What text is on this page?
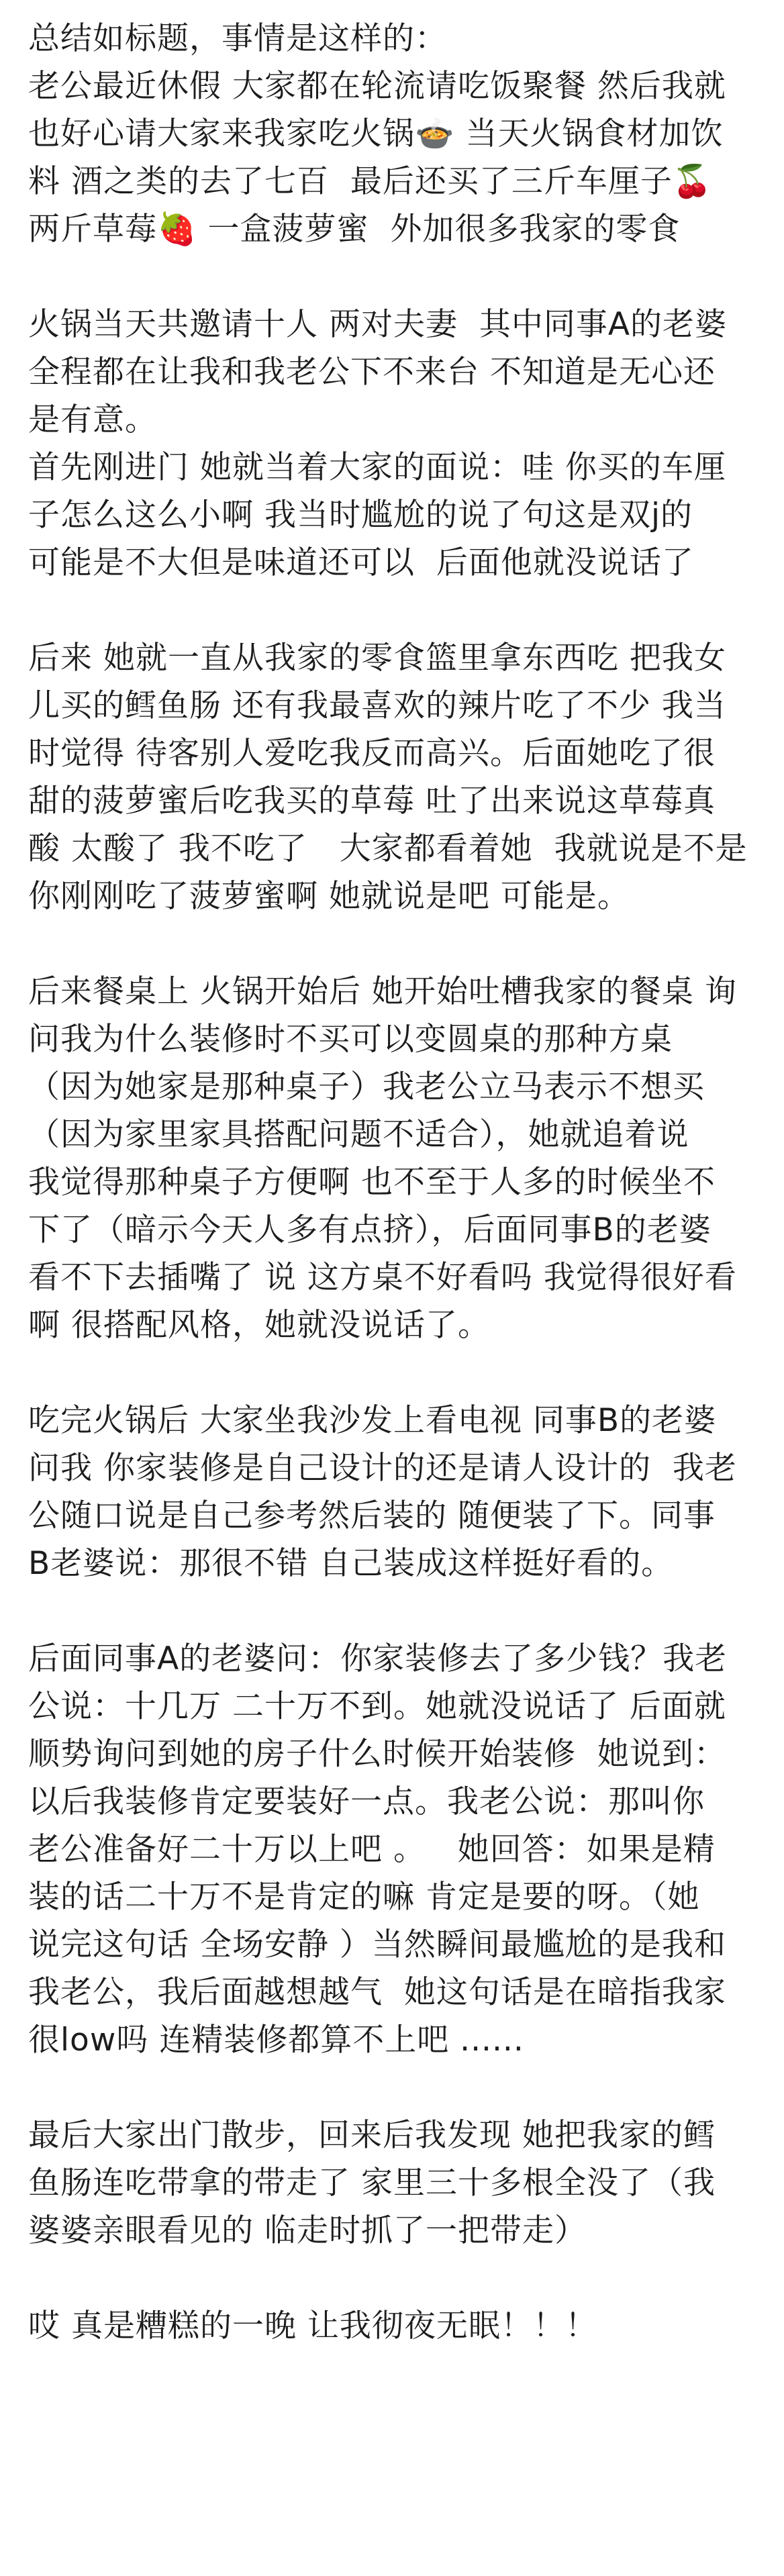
总结如标题，事情是这样的：
老公最近休假 大家都在轮流请吃饭聚餐 然后我就
也好心请大家来我家吃火锅🍲 当天火锅食材加饮
料 酒之类的去了七百  最后还买了三斤车厘子🍒
两斤草莓🍓 一盒菠萝蜜  外加很多我家的零食
火锅当天共邀请十人 两对夫妻  其中同事A的老婆
全程都在让我和我老公下不来台 不知道是无心还
是有意。
首先刚进门 她就当着大家的面说：哇 你买的车厘
子怎么这么小啊 我当时尴尬的说了句这是双j的
可能是不大但是味道还可以  后面他就没说话了
后来 她就一直从我家的零食篮里拿东西吃 把我女
儿买的鳕鱼肠 还有我最喜欢的辣片吃了不少 我当
时觉得 待客别人爱吃我反而高兴。后面她吃了很
甜的菠萝蜜后吃我买的草莓 吐了出来说这草莓真
酸 太酸了 我不吃了   大家都看着她  我就说是不是
你刚刚吃了菠萝蜜啊 她就说是吧 可能是。
后来餐桌上 火锅开始后 她开始吐槽我家的餐桌 询
问我为什么装修时不买可以变圆桌的那种方桌
（因为她家是那种桌子）我老公立马表示不想买
（因为家里家具搭配问题不适合），她就追着说
我觉得那种桌子方便啊 也不至于人多的时候坐不
下了（暗示今天人多有点挤），后面同事B的老婆
看不下去插嘴了 说 这方桌不好看吗 我觉得很好看
啊 很搭配风格，她就没说话了。
吃完火锅后 大家坐我沙发上看电视 同事B的老婆
问我 你家装修是自己设计的还是请人设计的  我老
公随口说是自己参考然后装的 随便装了下。同事
B老婆说：那很不错 自己装成这样挺好看的。
后面同事A的老婆问：你家装修去了多少钱？我老
公说：十几万 二十万不到。她就没说话了 后面就
顺势询问到她的房子什么时候开始装修  她说到：
以后我装修肯定要装好一点。我老公说：那叫你
老公准备好二十万以上吧 。   她回答：如果是精
装的话二十万不是肯定的嘛 肯定是要的呀。（她
说完这句话 全场安静 ）当然瞬间最尴尬的是我和
我老公，我后面越想越气  她这句话是在暗指我家
很low吗 连精装修都算不上吧 ......
最后大家出门散步，回来后我发现 她把我家的鳕
鱼肠连吃带拿的带走了 家里三十多根全没了（我
婆婆亲眼看见的 临走时抓了一把带走）
哎 真是糟糕的一晚 让我彻夜无眠！！！
